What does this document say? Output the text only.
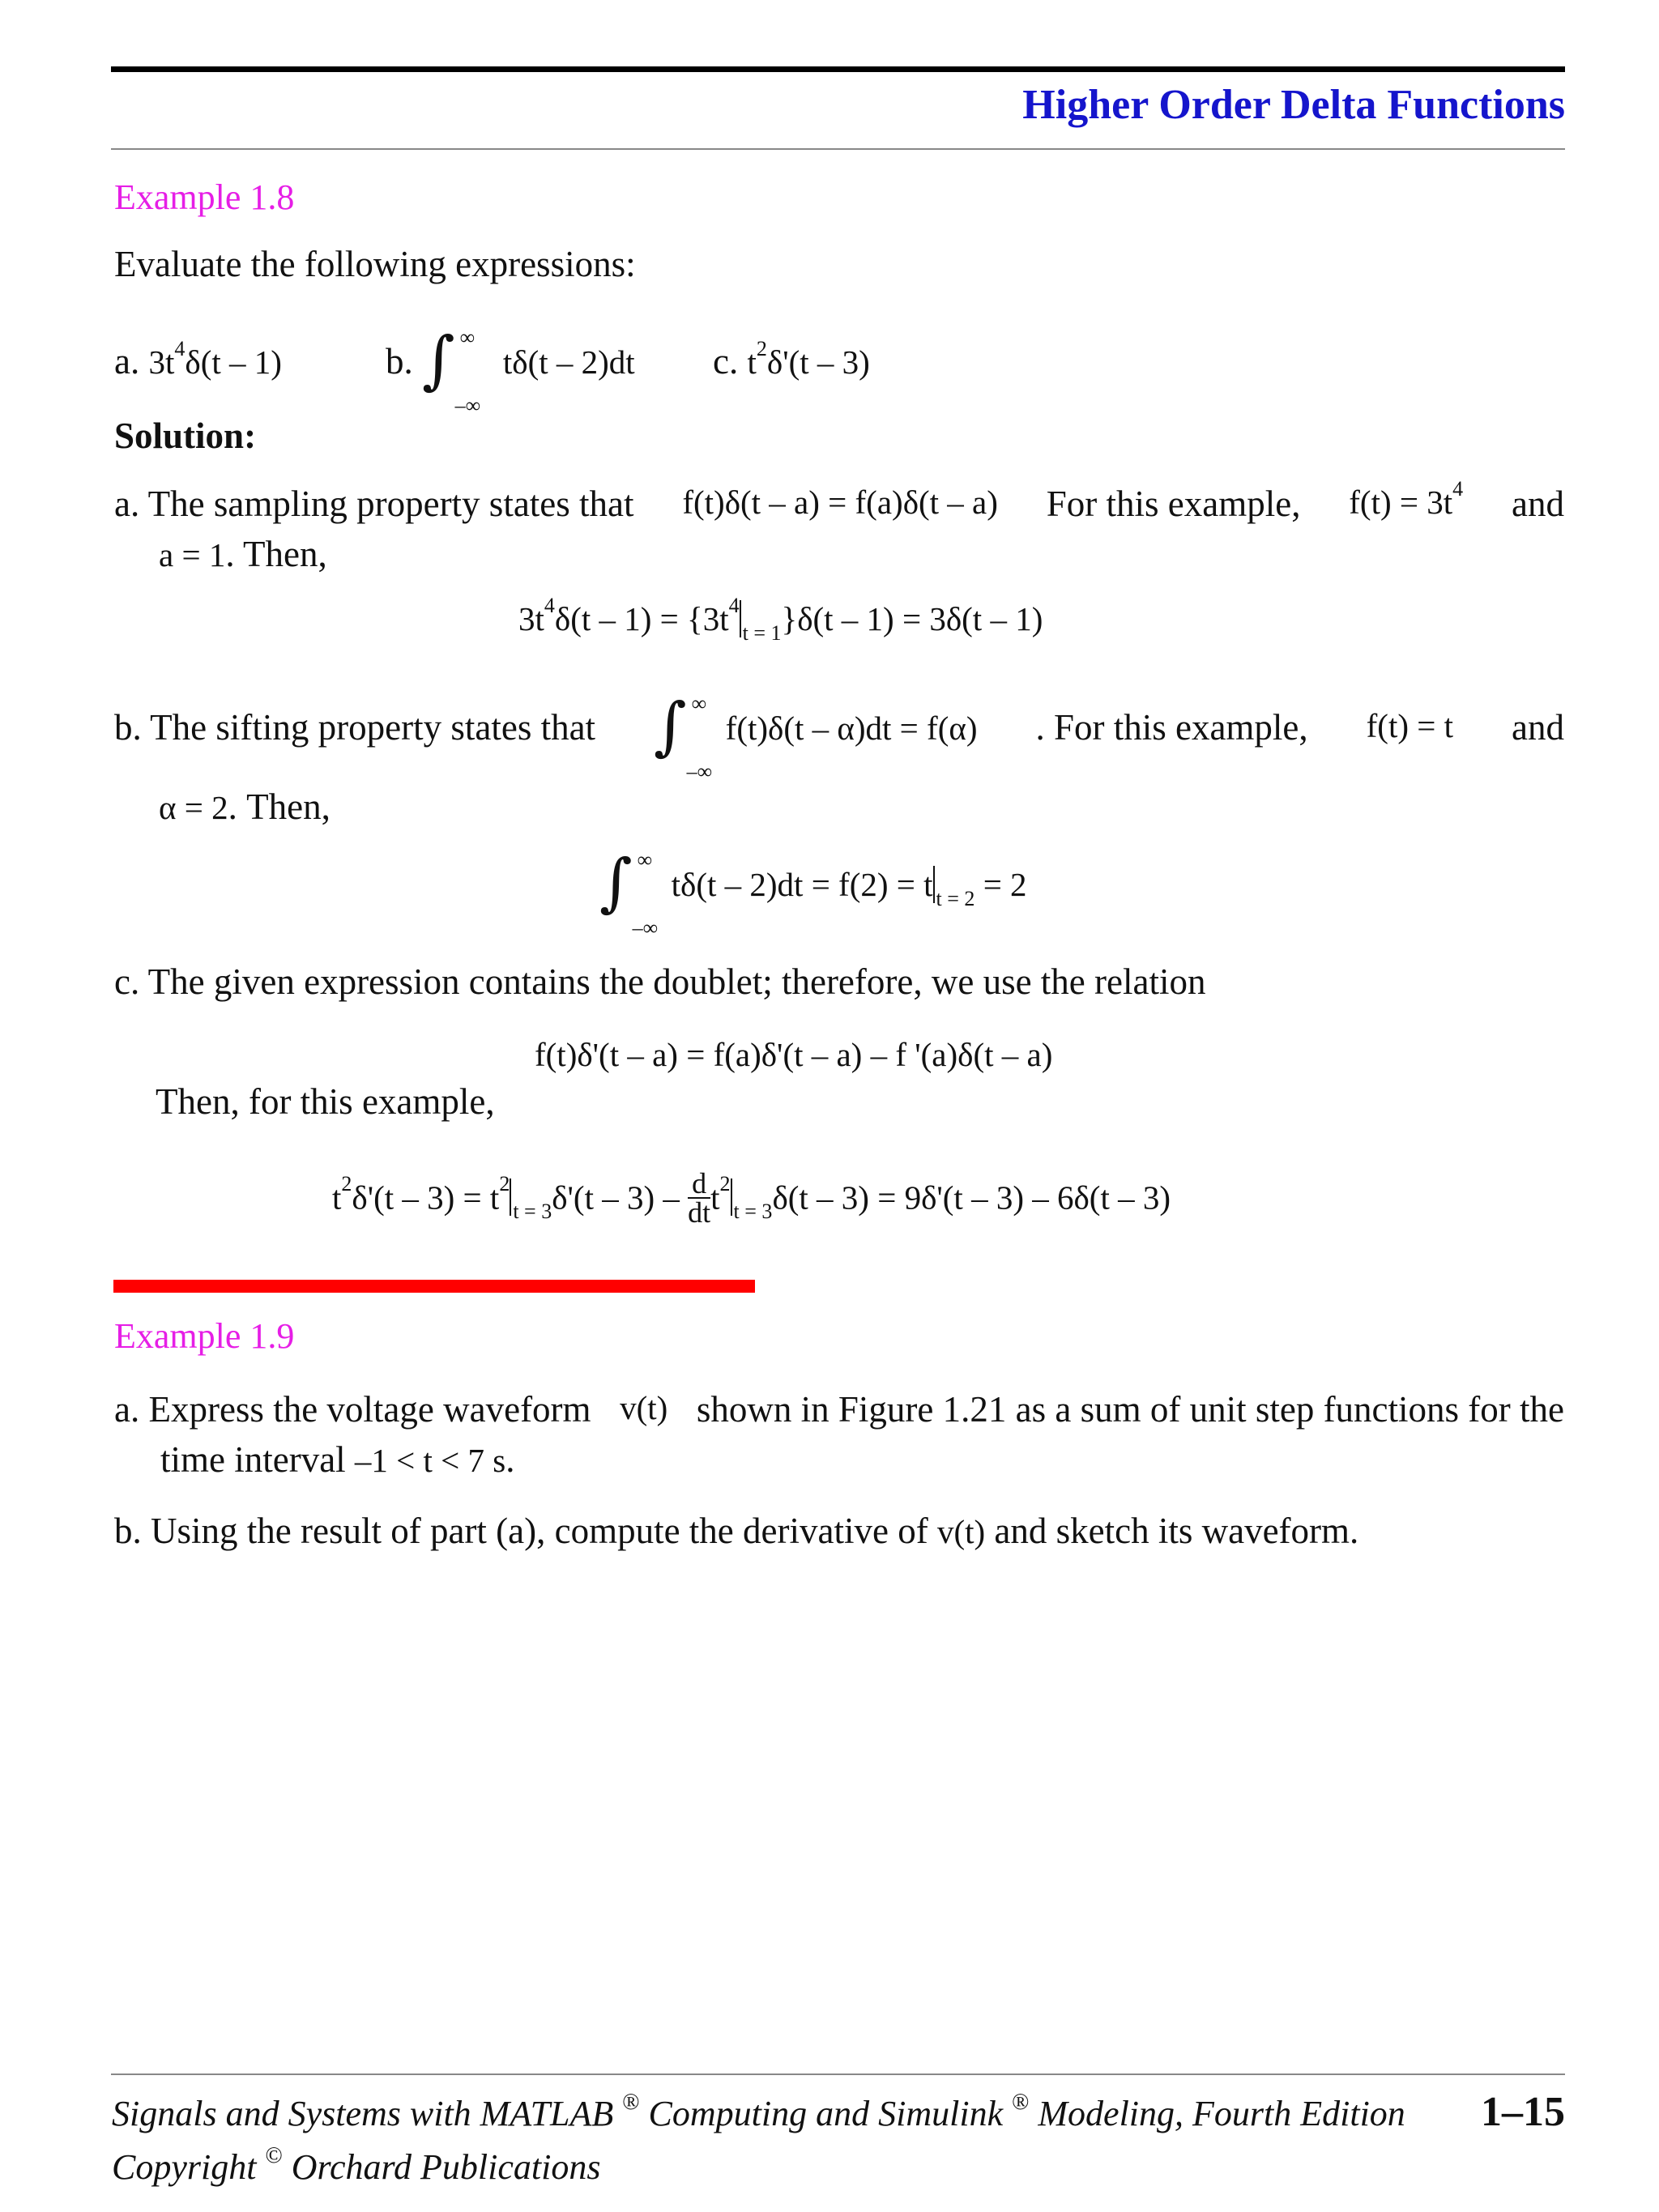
Higher Order Delta Functions
Example 1.8
Evaluate the following expressions:
a. $3t^4\delta(t - 1)$	b. ∫ ∞
–∞
tδ(t – 2)dt c. $t^2\delta'(t - 3)$
Solution:
a. The sampling property states that f(t)δ(t – a) = f(a)δ(t – a) For this example, $f(t) = 3t^4$ and
a = 1. Then,
$3t^4\delta(t - 1) = \{3t^4_{t = 1}\}\delta(t - 1) = 3\delta(t - 1)$
b. The sifting property states that ∫ ∞
–∞
f(t)δ(t – α)dt = f(α) . For this example, f(t) = t and
α = 2. Then,
∫ ∞
–∞
tδ(t – 2)dt = f(2) = t $_{t = 2}$ = 2
c. The given expression contains the doublet; therefore, we use the relation
f(t)δ'(t – a) = f(a)δ'(t – a) – f '(a)δ(t – a)
Then, for this example,
$t^2\delta'(t - 3) = t^2_{t = 3}\delta'(t - 3) - \frac{d}{dt} t^2_{t = 3}\delta(t - 3) = 9\delta'(t - 3) - 6\delta(t - 3)$
Example 1.9
a. Express the voltage waveform v(t) shown in Figure 1.21 as a sum of unit step functions for the
time interval –1 < t < 7 s.
b. Using the result of part (a), compute the derivative of v(t) and sketch its waveform.
Signals and Systems with MATLAB ® Computing and Simulink ® Modeling, Fourth Edition 1–15
Copyright © Orchard Publications
